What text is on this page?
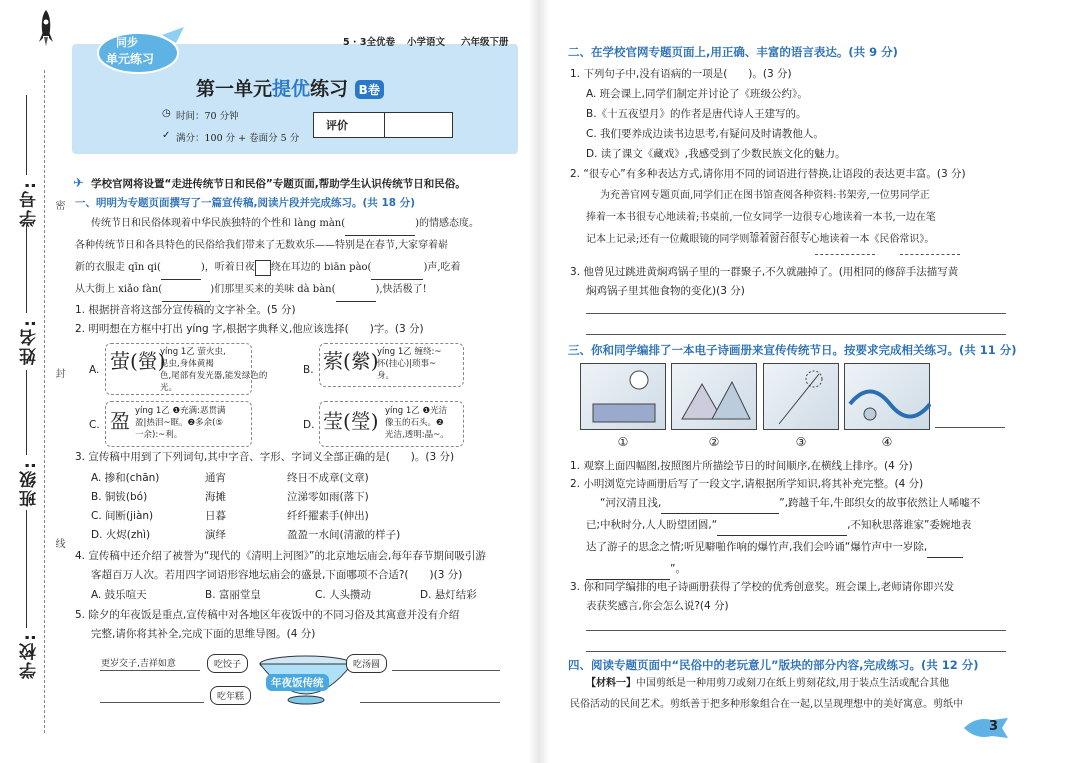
学号:
姓名:
班级:
学校:
密
封
线
同步
单元练习
5 · 3全优卷 小学语文 六年级下册
第一单元提优练习 B卷
◷ 时间：70 分钟
✓ 满分：100 分 + 卷面分 5 分
评价
✈ 学校官网将设置“走进传统节日和民俗”专题页面,帮助学生认识传统节日和民俗。
一、明明为专题页面撰写了一篇宣传稿,阅读片段并完成练习。(共 18 分)
传统节日和民俗体现着中华民族独特的个性和 làng màn(	)的情感态度。
各种传统节日和各具特色的民俗给我们带来了无数欢乐——特别是在春节,大家穿着崭
新的衣服走 qīn qi(	)，听着日夜 绕在耳边的 biān pào(	)声,吃着
从大街上 xiǎo fàn(	)们那里买来的美味 dà bàn(	),快活极了!
1. 根据拼音将这部分宣传稿的文字补全。(5 分)
2. 明明想在方框中打出 yíng 字,根据字典释义,他应该选择(　　)字。(3 分)
A. 萤(螢)
yíng 1乙 萤火虫,
昆虫,身体黄褐
色,尾部有发光器,能发绿色的
光。
B. 萦(縈)
yíng 1乙 缠绕:~
怀(挂心)|琐事~
身。
C. 盈 yíng 1乙 ❶充满:恶贯满
盈|热泪~眶。❷多余(⑤
一余):~利。
D. 莹(瑩) yíng 1乙 ❶光洁
像玉的石头。❷
光洁,透明:晶~。
3. 宣传稿中用到了下列词句,其中字音、字形、字词义全部正确的是(　　)。(3 分)
A. 掺和(chān)	通宵	终日不成章(文章)
B. 铜钹(bó)	海摊	泣涕零如雨(落下)
C. 间断(jiàn)	日暮	纤纤擢素手(伸出)
D. 火烬(zhì)	演绎	盈盈一水间(清澈的样子)
4. 宣传稿中还介绍了被誉为“现代的《清明上河图》”的北京地坛庙会,每年春节期间吸引游
客超百万人次。若用四字词语形容地坛庙会的盛景,下面哪项不合适?(　　)(3 分)
A. 鼓乐喧天	B. 富丽堂皇	C. 人头攒动	D. 悬灯结彩
5. 除夕的年夜饭是重点,宣传稿中对各地区年夜饭中的不同习俗及其寓意并没有介绍
完整,请你将其补全,完成下面的思维导图。(4 分)
年夜饭传统
更岁交子,吉祥如意	吃饺子	吃汤圆
吃年糕
二、在学校官网专题页面上,用正确、丰富的语言表达。(共 9 分)
1. 下列句子中,没有语病的一项是(　　)。(3 分)
A. 班会课上,同学们制定并讨论了《班级公约》。
B.《十五夜望月》的作者是唐代诗人王建写的。
C. 我们要养成边读书边思考,有疑问及时请教他人。
D. 读了课文《藏戏》,我感受到了少数民族文化的魅力。
2. “很专心”有多种表达方式,请你用不同的词语进行替换,让语段的表达更丰富。(3 分)
为充善官网专题页面,同学们正在图书馆查阅各种资料:书架旁,一位男同学正
捧着一本书很专心地读着;书桌前,一位女同学一边很专心地读着一本书,一边在笔
记本上记录;还有一位戴眼镜的同学则靠着窗台很专心地读着一本《民俗常识》。
3. 他曾见过跳进黄焖鸡锅子里的一群聚子,不久就融掉了。(用相同的修辞手法描写黄
焖鸡锅子里其他食物的变化)(3 分)
三、你和同学编排了一本电子诗画册来宣传传统节日。按要求完成相关练习。(共 11 分)
①	②	③	④
1. 观察上面四幅图,按照图片所描绘节日的时间顺序,在横线上排序。(4 分)
2. 小明浏览完诗画册后写了一段文字,请根据所学知识,将其补充完整。(4 分)
“河汉清且浅,	”,跨越千年,牛郎织女的故事依然让人唏嘘不
已;中秋时分,人人盼望团圆,“	,不知秋思落谁家”委婉地表
达了游子的思念之情;听见噼啪作响的爆竹声,我们会吟诵“爆竹声中一岁除,
”。
3. 你和同学编排的电子诗画册获得了学校的优秀创意奖。班会课上,老师请你即兴发
表获奖感言,你会怎么说?(4 分)
四、阅读专题页面中“民俗中的老玩意儿”版块的部分内容,完成练习。(共 12 分)
【材料一】中国剪纸是一种用剪刀或刻刀在纸上剪刻花纹,用于装点生活或配合其他
民俗活动的民间艺术。剪纸善于把多种形象组合在一起,以呈现理想中的美好寓意。剪纸中
3
